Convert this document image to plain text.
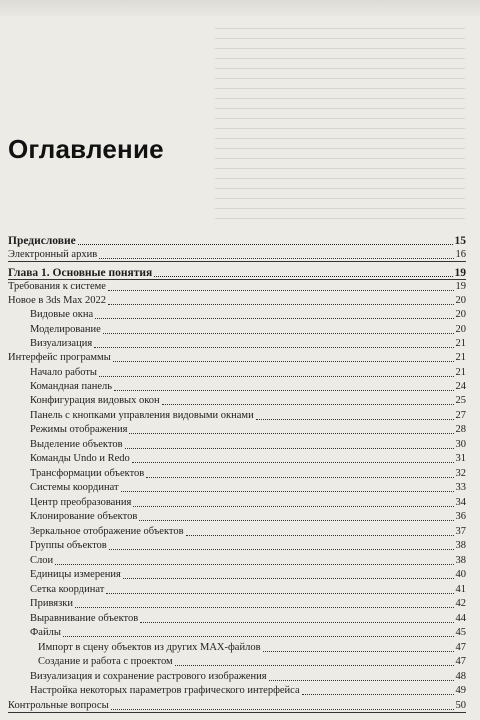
Оглавление
Предисловие	15
Электронный архив	16
Глава 1. Основные понятия	19
Требования к системе	19
Новое в 3ds Max 2022	20
Видовые окна	20
Моделирование	20
Визуализация	21
Интерфейс программы	21
Начало работы	21
Командная панель	24
Конфигурация видовых окон	25
Панель с кнопками управления видовыми окнами	27
Режимы отображения	28
Выделение объектов	30
Команды Undo и Redo	31
Трансформации объектов	32
Системы координат	33
Центр преобразования	34
Клонирование объектов	36
Зеркальное отображение объектов	37
Группы объектов	38
Слои	38
Единицы измерения	40
Сетка координат	41
Привязки	42
Выравнивание объектов	44
Файлы	45
Импорт в сцену объектов из других MAX-файлов	47
Создание и работа с проектом	47
Визуализация и сохранение растрового изображения	48
Настройка некоторых параметров графического интерфейса	49
Контрольные вопросы	50
